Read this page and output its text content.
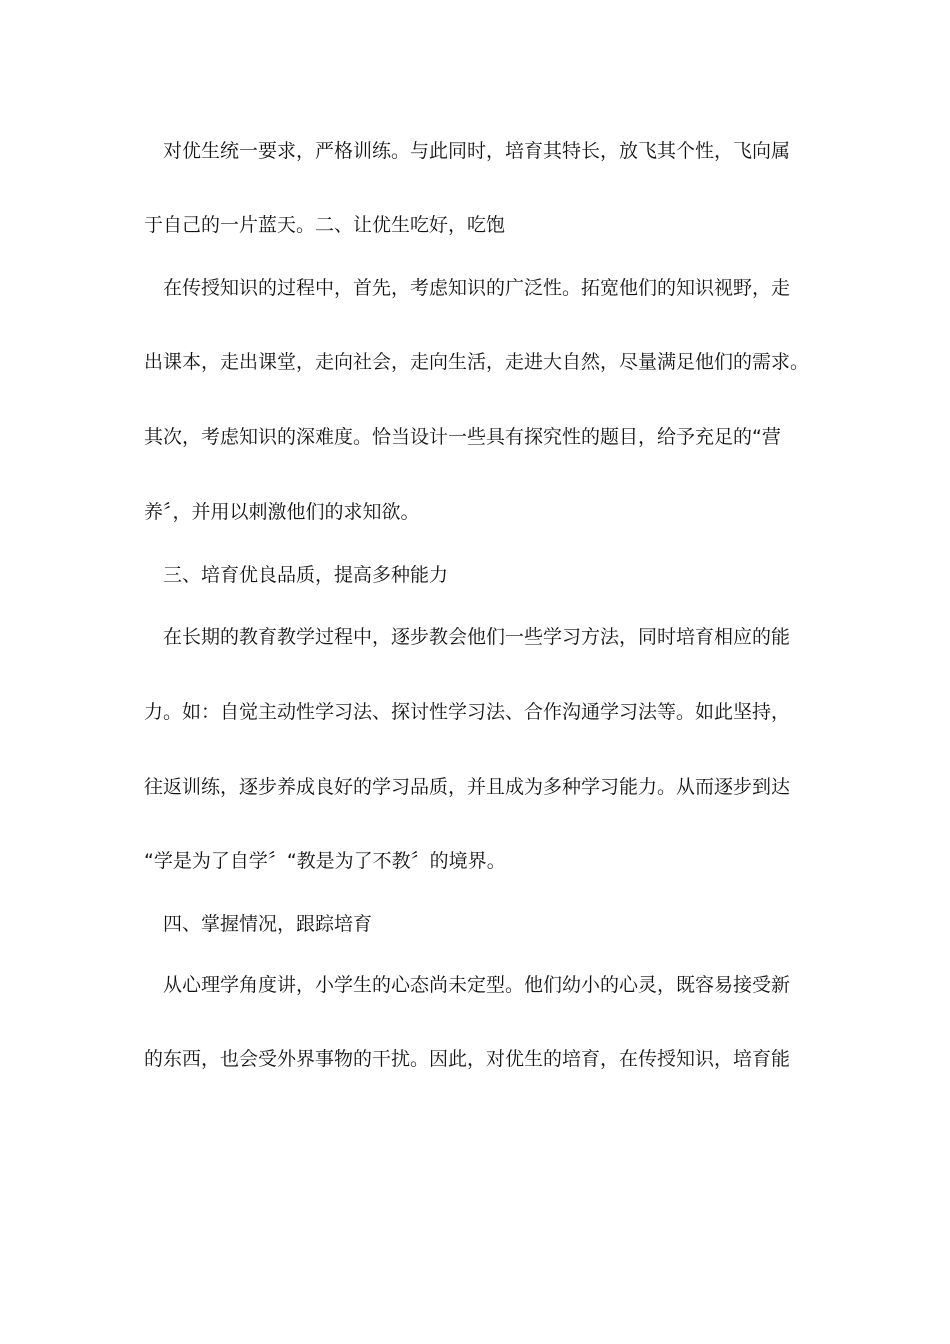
对优生统一要求，严格训练。与此同时，培育其特长，放飞其个性，飞向属
于自己的一片蓝天。二、让优生吃好，吃饱
在传授知识的过程中，首先，考虑知识的广泛性。拓宽他们的知识视野，走
出课本，走出课堂，走向社会，走向生活，走进大自然，尽量满足他们的需求。
其次，考虑知识的深难度。恰当设计一些具有探究性的题目，给予充足的“营
养〞，并用以刺激他们的求知欲。
三、培育优良品质，提高多种能力
在长期的教育教学过程中，逐步教会他们一些学习方法，同时培育相应的能
力。如：自觉主动性学习法、探讨性学习法、合作沟通学习法等。如此坚持，
往返训练，逐步养成良好的学习品质，并且成为多种学习能力。从而逐步到达
“学是为了自学〞“教是为了不教〞的境界。
四、掌握情况，跟踪培育
从心理学角度讲，小学生的心态尚未定型。他们幼小的心灵，既容易接受新
的东西，也会受外界事物的干扰。因此，对优生的培育，在传授知识，培育能
